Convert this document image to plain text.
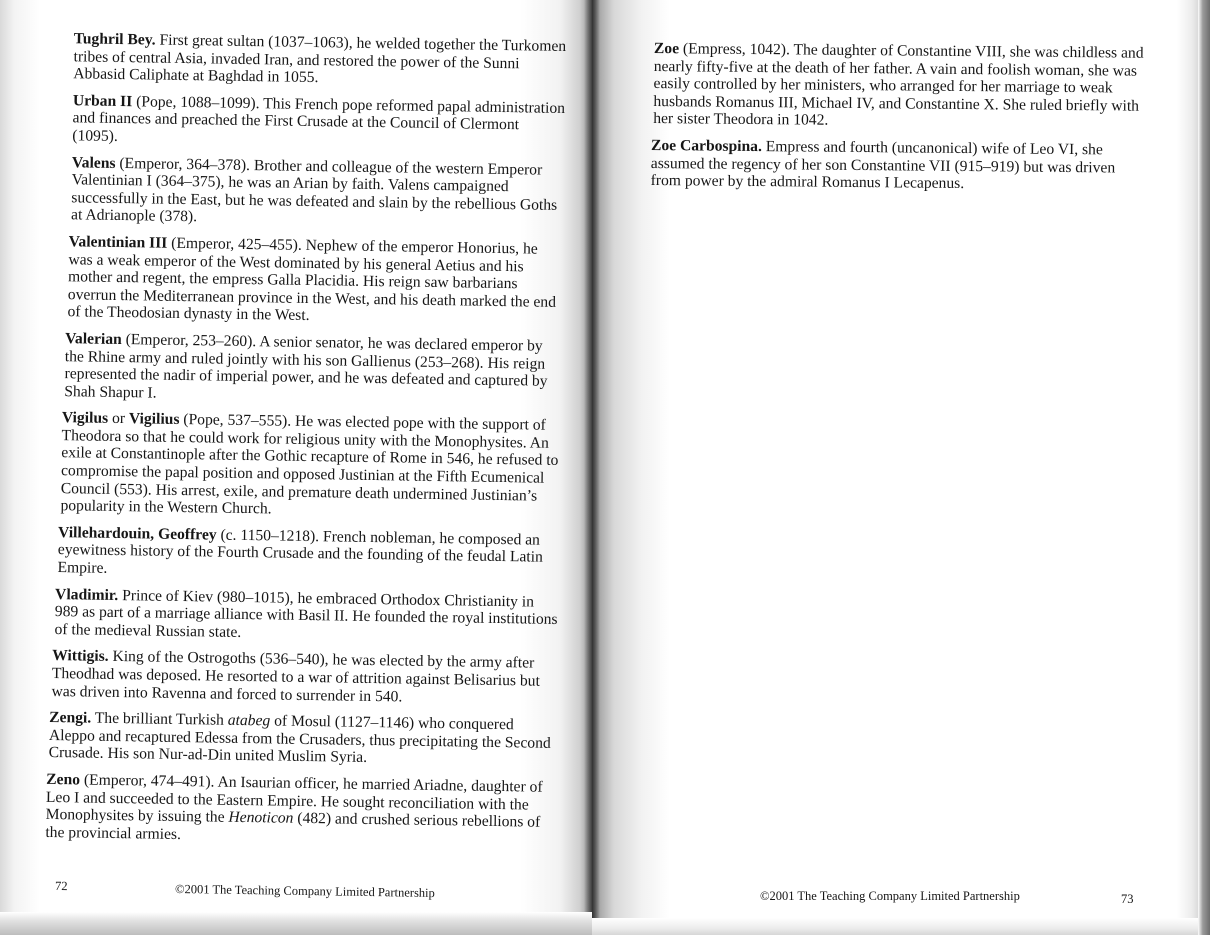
Tughril Bey. First great sultan (1037–1063), he welded together the Turkomen tribes of central Asia, invaded Iran, and restored the power of the Sunni Abbasid Caliphate at Baghdad in 1055.

Urban II (Pope, 1088–1099). This French pope reformed papal administration and finances and preached the First Crusade at the Council of Clermont (1095).

Valens (Emperor, 364–378). Brother and colleague of the western Emperor Valentinian I (364–375), he was an Arian by faith. Valens campaigned successfully in the East, but he was defeated and slain by the rebellious Goths at Adrianople (378).

Valentinian III (Emperor, 425–455). Nephew of the emperor Honorius, he was a weak emperor of the West dominated by his general Aetius and his mother and regent, the empress Galla Placidia. His reign saw barbarians overrun the Mediterranean province in the West, and his death marked the end of the Theodosian dynasty in the West.

Valerian (Emperor, 253–260). A senior senator, he was declared emperor by the Rhine army and ruled jointly with his son Gallienus (253–268). His reign represented the nadir of imperial power, and he was defeated and captured by Shah Shapur I.

Vigilus or Vigilius (Pope, 537–555). He was elected pope with the support of Theodora so that he could work for religious unity with the Monophysites. An exile at Constantinople after the Gothic recapture of Rome in 546, he refused to compromise the papal position and opposed Justinian at the Fifth Ecumenical Council (553). His arrest, exile, and premature death undermined Justinian’s popularity in the Western Church.

Villehardouin, Geoffrey (c. 1150–1218). French nobleman, he composed an eyewitness history of the Fourth Crusade and the founding of the feudal Latin Empire.

Vladimir. Prince of Kiev (980–1015), he embraced Orthodox Christianity in 989 as part of a marriage alliance with Basil II. He founded the royal institutions of the medieval Russian state.

Wittigis. King of the Ostrogoths (536–540), he was elected by the army after Theodhad was deposed. He resorted to a war of attrition against Belisarius but was driven into Ravenna and forced to surrender in 540.

Zengi. The brilliant Turkish atabeg of Mosul (1127–1146) who conquered Aleppo and recaptured Edessa from the Crusaders, thus precipitating the Second Crusade. His son Nur-ad-Din united Muslim Syria.

Zeno (Emperor, 474–491). An Isaurian officer, he married Ariadne, daughter of Leo I and succeeded to the Eastern Empire. He sought reconciliation with the Monophysites by issuing the Henoticon (482) and crushed serious rebellions of the provincial armies.

72	©2001 The Teaching Company Limited Partnership

Zoe (Empress, 1042). The daughter of Constantine VIII, she was childless and nearly fifty-five at the death of her father. A vain and foolish woman, she was easily controlled by her ministers, who arranged for her marriage to weak husbands Romanus III, Michael IV, and Constantine X. She ruled briefly with her sister Theodora in 1042.

Zoe Carbospina. Empress and fourth (uncanonical) wife of Leo VI, she assumed the regency of her son Constantine VII (915–919) but was driven from power by the admiral Romanus I Lecapenus.

©2001 The Teaching Company Limited Partnership	73
